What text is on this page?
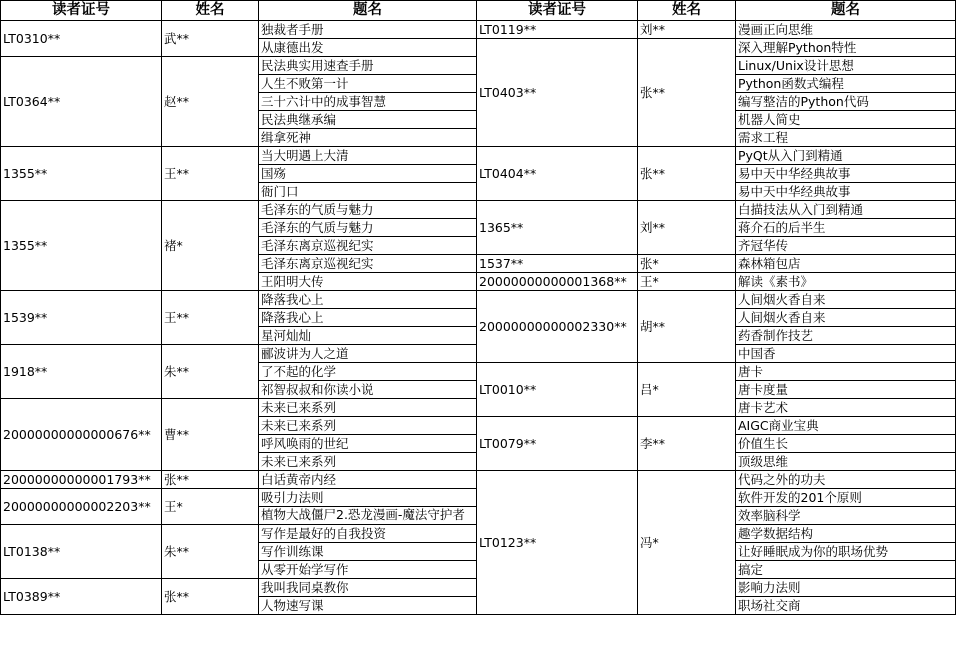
读者证号	姓名	题名	读者证号	姓名	题名
LT0310**	武**	独裁者手册	LT0119**	刘**	漫画正向思维
		从康德出发	LT0403**	张**	深入理解Python特性
LT0364**	赵**	民法典实用速查手册			Linux/Unix设计思想
		人生不败第一计			Python函数式编程
		三十六计中的成事智慧			编写整洁的Python代码
		民法典继承编			机器人简史
		缉拿死神			需求工程
1355**	王**	当大明遇上大清	LT0404**	张**	PyQt从入门到精通
		国殇			易中天中华经典故事
		衙门口			易中天中华经典故事
1355**	褚*	毛泽东的气质与魅力	1365**	刘**	白描技法从入门到精通
		毛泽东的气质与魅力			蒋介石的后半生
		毛泽东离京巡视纪实			齐冠华传
		毛泽东离京巡视纪实	1537**	张*	森林箱包店
		王阳明大传	20000000000001368**	王*	解读《素书》
1539**	王**	降落我心上	20000000000002330**	胡**	人间烟火香自来
		降落我心上			人间烟火香自来
		星河灿灿			药香制作技艺
1918**	朱**	郦波讲为人之道			中国香
		了不起的化学	LT0010**	吕*	唐卡
		祁智叔叔和你读小说			唐卡度量
20000000000000676**	曹**	未来已来系列			唐卡艺术
		未来已来系列	LT0079**	李**	AIGC商业宝典
		呼风唤雨的世纪			价值生长
		未来已来系列			顶级思维
20000000000001793**	张**	白话黄帝内经	LT0123**	冯*	代码之外的功夫
20000000000002203**	王*	吸引力法则			软件开发的201个原则
		植物大战僵尸2.恐龙漫画-魔法守护者			效率脑科学

LT0138**	朱**	写作是最好的自我投资			趣学数据结构
		写作训练课			让好睡眠成为你的职场优势
		从零开始学写作			搞定
LT0389**	张**	我叫我同桌教你			影响力法则
		人物速写课			职场社交商
